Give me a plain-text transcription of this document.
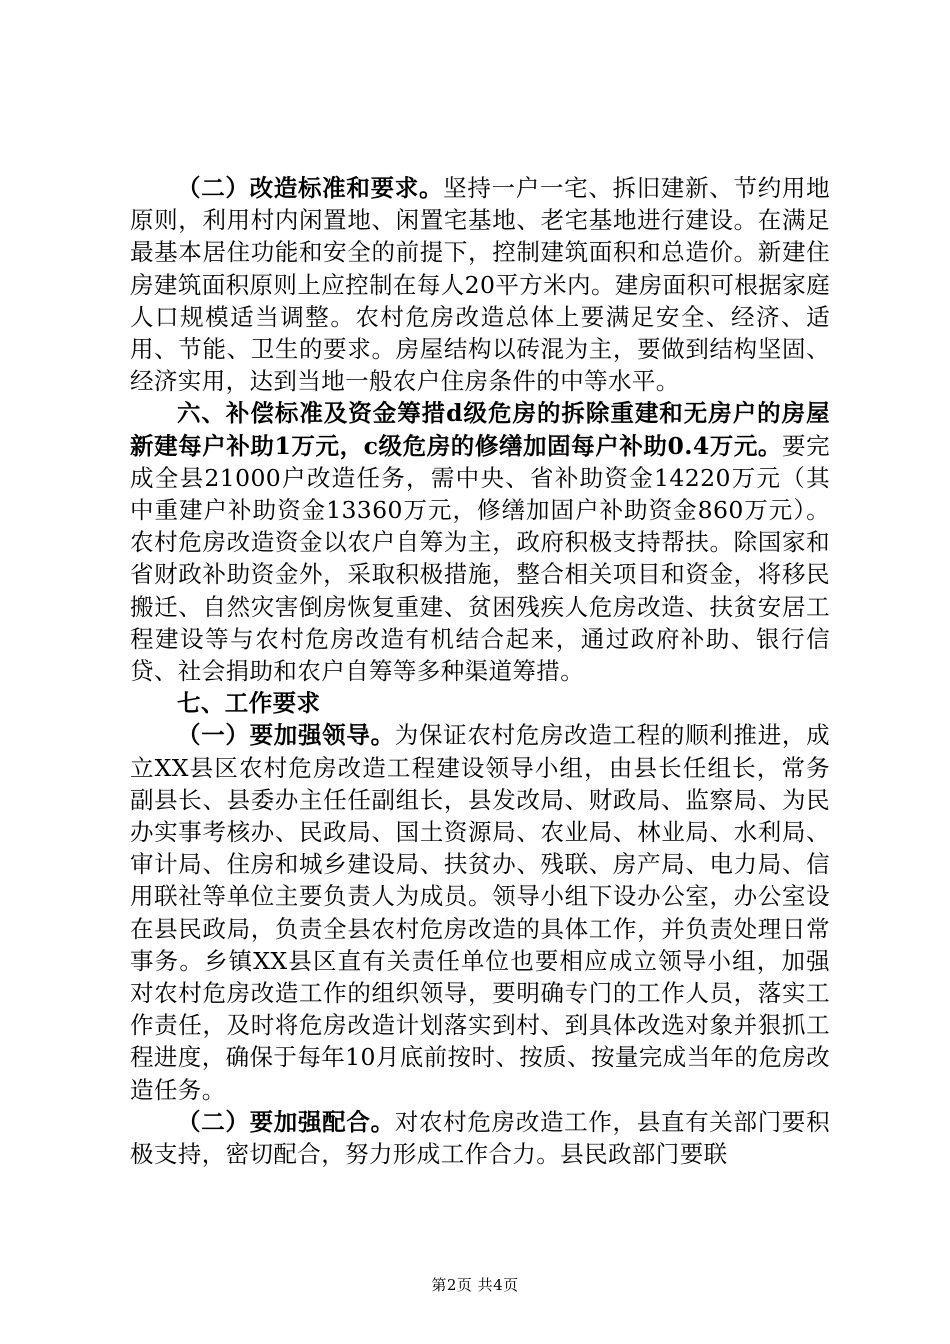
（二）改造标准和要求。坚持一户一宅、拆旧建新、节约用地原则，利用村内闲置地、闲置宅基地、老宅基地进行建设。在满足最基本居住功能和安全的前提下，控制建筑面积和总造价。新建住房建筑面积原则上应控制在每人20平方米内。建房面积可根据家庭人口规模适当调整。农村危房改造总体上要满足安全、经济、适用、节能、卫生的要求。房屋结构以砖混为主，要做到结构坚固、经济实用，达到当地一般农户住房条件的中等水平。

六、补偿标准及资金筹措d级危房的拆除重建和无房户的房屋新建每户补助1万元，c级危房的修缮加固每户补助0.4万元。要完成全县21000户改造任务，需中央、省补助资金14220万元（其中重建户补助资金13360万元，修缮加固户补助资金860万元）。农村危房改造资金以农户自筹为主，政府积极支持帮扶。除国家和省财政补助资金外，采取积极措施，整合相关项目和资金，将移民搬迁、自然灾害倒房恢复重建、贫困残疾人危房改造、扶贫安居工程建设等与农村危房改造有机结合起来，通过政府补助、银行信贷、社会捐助和农户自筹等多种渠道筹措。

七、工作要求

（一）要加强领导。为保证农村危房改造工程的顺利推进，成立XX县区农村危房改造工程建设领导小组，由县长任组长，常务副县长、县委办主任任副组长，县发改局、财政局、监察局、为民办实事考核办、民政局、国土资源局、农业局、林业局、水利局、审计局、住房和城乡建设局、扶贫办、残联、房产局、电力局、信用联社等单位主要负责人为成员。领导小组下设办公室，办公室设在县民政局，负责全县农村危房改造的具体工作，并负责处理日常事务。乡镇XX县区直有关责任单位也要相应成立领导小组，加强对农村危房改造工作的组织领导，要明确专门的工作人员，落实工作责任，及时将危房改造计划落实到村、到具体改选对象并狠抓工程进度，确保于每年10月底前按时、按质、按量完成当年的危房改造任务。

（二）要加强配合。对农村危房改造工作，县直有关部门要积极支持，密切配合，努力形成工作合力。县民政部门要联

第2页 共4页
